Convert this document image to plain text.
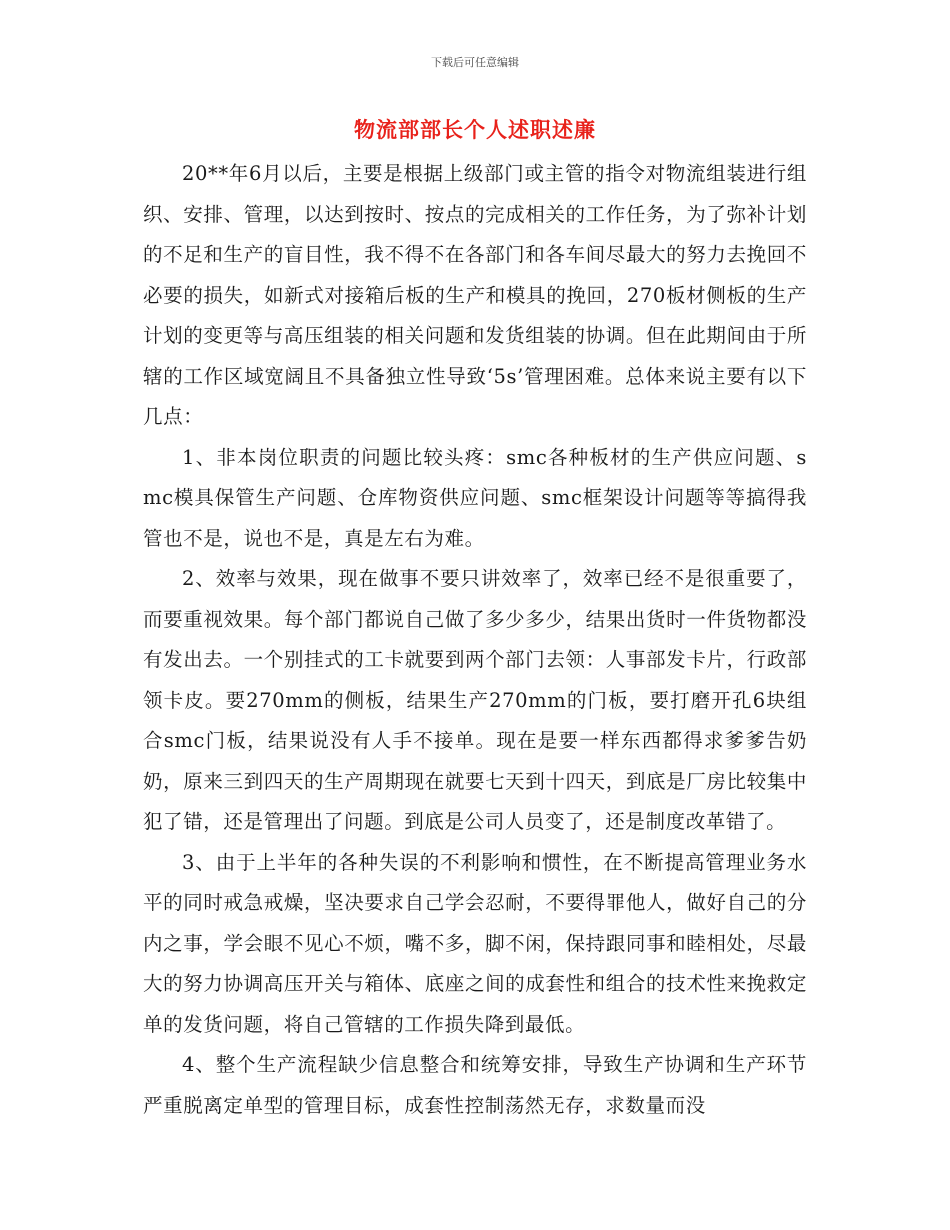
下载后可任意编辑
物流部部长个人述职述廉

20**年6月以后，主要是根据上级部门或主管的指令对物流组装进行组织、安排、管理，以达到按时、按点的完成相关的工作任务，为了弥补计划的不足和生产的盲目性，我不得不在各部门和各车间尽最大的努力去挽回不必要的损失，如新式对接箱后板的生产和模具的挽回，270板材侧板的生产计划的变更等与高压组装的相关问题和发货组装的协调。但在此期间由于所辖的工作区域宽阔且不具备独立性导致‘5s’管理困难。总体来说主要有以下几点：

1、非本岗位职责的问题比较头疼：smc各种板材的生产供应问题、smc模具保管生产问题、仓库物资供应问题、smc框架设计问题等等搞得我管也不是，说也不是，真是左右为难。

2、效率与效果，现在做事不要只讲效率了，效率已经不是很重要了，而要重视效果。每个部门都说自己做了多少多少，结果出货时一件货物都没有发出去。一个别挂式的工卡就要到两个部门去领：人事部发卡片，行政部领卡皮。要270mm的侧板，结果生产270mm的门板，要打磨开孔6块组合smc门板，结果说没有人手不接单。现在是要一样东西都得求爹爹告奶奶，原来三到四天的生产周期现在就要七天到十四天，到底是厂房比较集中犯了错，还是管理出了问题。到底是公司人员变了，还是制度改革错了。

3、由于上半年的各种失误的不利影响和惯性，在不断提高管理业务水平的同时戒急戒燥，坚决要求自己学会忍耐，不要得罪他人，做好自己的分内之事，学会眼不见心不烦，嘴不多，脚不闲，保持跟同事和睦相处，尽最大的努力协调高压开关与箱体、底座之间的成套性和组合的技术性来挽救定单的发货问题，将自己管辖的工作损失降到最低。

4、整个生产流程缺少信息整合和统筹安排，导致生产协调和生产环节严重脱离定单型的管理目标，成套性控制荡然无存，求数量而没
